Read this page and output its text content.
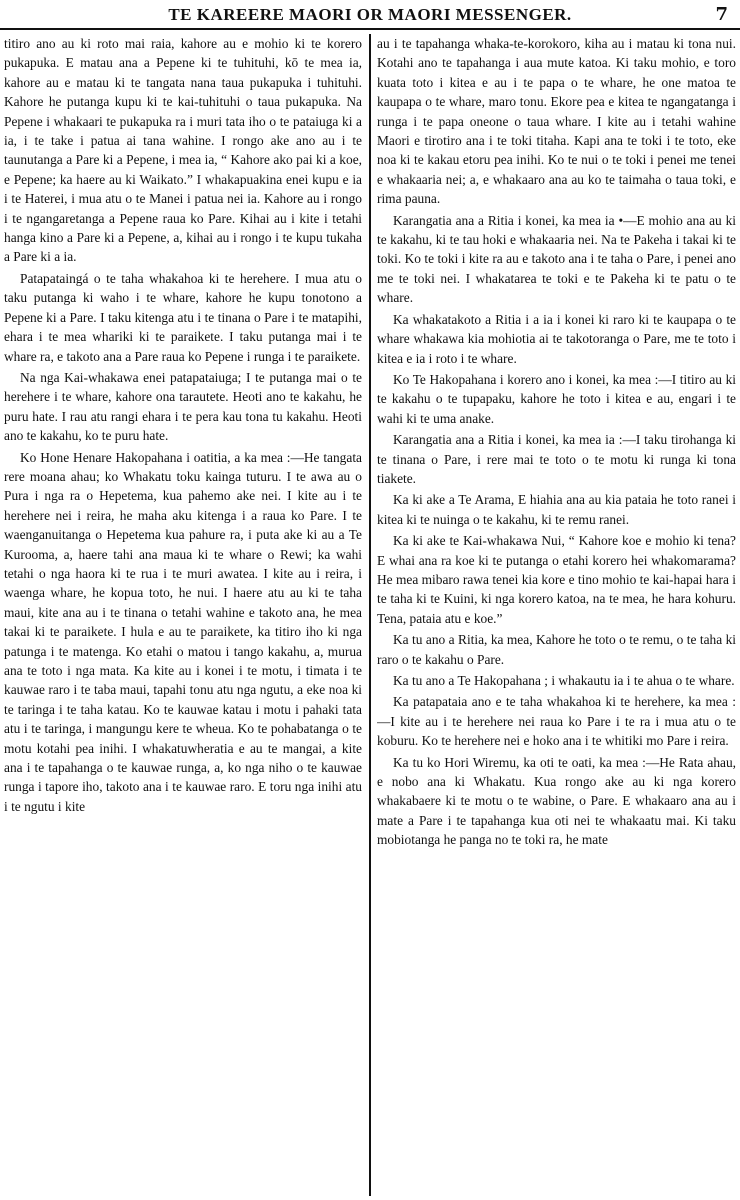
TE KAREERE MAORI OR MAORI MESSENGER.	7

titiro ano au ki roto mai raia, kahore au e mohio ki te korero pukapuka. E matau ana a Pepene ki te tuhituhi, kō te mea ia, kahore au e matau ki te tangata nana taua pukapuka i tuhituhi. Kahore he putanga kupu ki te kai-tuhituhi o taua pukapuka. Na Pepene i whakaari te pukapuka ra i muri tata iho o te pataiuga ki a ia, i te take i patua ai tana wahine. I rongo ake ano au i te taunutanga a Pare ki a Pepene, i mea ia, “ Kahore ako pai ki a koe, e Pepene; ka haere au ki Waikato.” I whakapuakina enei kupu e ia i te Haterei, i mua atu o te Manei i patua nei ia. Kahore au i rongo i te ngangaretanga a Pepene raua ko Pare. Kihai au i kite i tetahi hanga kino a Pare ki a Pepene, a, kihai au i rongo i te kupu tukaha a Pare ki a ia.

Patapataingá o te taha whakahoa ki te herehere. I mua atu o taku putanga ki waho i te whare, kahore he kupu tonotono a Pepene ki a Pare. I taku kitenga atu i te tinana o Pare i te matapihi, ehara i te mea whariki ki te paraikete. I taku putanga mai i te whare ra, e takoto ana a Pare raua ko Pepene i runga i te paraikete.

Na nga Kai-whakawa enei patapataiuga; I te putanga mai o te herehere i te whare, kahore ona tarautete. Heoti ano te kakahu, he puru hate. I rau atu rangi ehara i te pera kau tona tu kakahu. Heoti ano te kakahu, ko te puru hate.

Ko Hone Henare Hakopahana i oatitia, a ka mea :—He tangata rere moana ahau; ko Whakatu toku kainga tuturu. I te awa au o Pura i nga ra o Hepetema, kua pahemo ake nei. I kite au i te herehere nei i reira, he maha aku kitenga i a raua ko Pare. I te waenganuitanga o Hepetema kua pahure ra, i puta ake ki au a Te Kurooma, a, haere tahi ana maua ki te whare o Rewi; ka wahi tetahi o nga haora ki te rua i te muri awatea. I kite au i reira, i waenga whare, he kopua toto, he nui. I haere atu au ki te taha maui, kite ana au i te tinana o tetahi wahine e takoto ana, he mea takai ki te paraikete. I hula e au te paraikete, ka titiro iho ki nga patunga i te matenga. Ko etahi o matou i tango kakahu, a, murua ana te toto i nga mata. Ka kite au i konei i te motu, i timata i te kauwae raro i te taba maui, tapahi tonu atu nga ngutu, a eke noa ki te taringa i te taha katau. Ko te kauwae katau i motu i pahaki tata atu i te taringa, i mangungu kere te wheua. Ko te pohabatanga o te motu kotahi pea inihi. I whakatuwheratia e au te mangai, a kite ana i te tapahanga o te kauwae runga, a, ko nga niho o te kauwae runga i tapore iho, takoto ana i te kauwae raro. E toru nga inihi atu i te ngutu i kite

au i te tapahanga whaka-te-korokoro, kiha au i matau ki tona nui. Kotahi ano te tapahanga i aua mute katoa. Ki taku mohio, e toro kuata toto i kitea e au i te papa o te whare, he one matoa te kaupapa o te whare, maro tonu. Ekore pea e kitea te ngangatanga i runga i te papa oneone o taua whare. I kite au i tetahi wahine Maori e tirotiro ana i te toki titaha. Kapi ana te toki i te toto, eke noa ki te kakau etoru pea inihi. Ko te nui o te toki i penei me tenei e whakaaria nei; a, e whakaaro ana au ko te taimaha o taua toki, e rima pauna.

Karangatia ana a Ritia i konei, ka mea ia •—E mohio ana au ki te kakahu, ki te tau hoki e whakaaria nei. Na te Pakeha i takai ki te toki. Ko te toki i kite ra au e takoto ana i te taha o Pare, i penei ano me te toki nei. I whakatarea te toki e te Pakeha ki te patu o te whare.

Ka whakatakoto a Ritia i a ia i konei ki raro ki te kaupapa o te whare whakawa kia mohiotia ai te takotoranga o Pare, me te toto i kitea e ia i roto i te whare.

Ko Te Hakopahana i korero ano i konei, ka mea :—I titiro au ki te kakahu o te tupapaku, kahore he toto i kitea e au, engari i te wahi ki te uma anake.

Karangatia ana a Ritia i konei, ka mea ia :—I taku tirohanga ki te tinana o Pare, i rere mai te toto o te motu ki runga ki tona tiakete.

Ka ki ake a Te Arama, E hiahia ana au kia pataia he toto ranei i kitea ki te nuinga o te kakahu, ki te remu ranei.

Ka ki ake te Kai-whakawa Nui, “ Kahore koe e mohio ki tena? E whai ana ra koe ki te putanga o etahi korero hei whakomarama? He mea mibaro rawa tenei kia kore e tino mohio te kai-hapai hara i te taha ki te Kuini, ki nga korero katoa, na te mea, he hara kohuru. Tena, pataia atu e koe.”

Ka tu ano a Ritia, ka mea, Kahore he toto o te remu, o te taha ki raro o te kakahu o Pare.

Ka tu ano a Te Hakopahana ; i whakautu ia i te ahua o te whare.

Ka patapataia ano e te taha whakahoa ki te herehere, ka mea :—I kite au i te herehere nei raua ko Pare i te ra i mua atu o te koburu. Ko te herehere nei e hoko ana i te whitiki mo Pare i reira.

Ka tu ko Hori Wiremu, ka oti te oati, ka mea :—He Rata ahau, e nobo ana ki Whakatu. Kua rongo ake au ki nga korero whakabaere ki te motu o te wabine, o Pare. E whakaaro ana au i mate a Pare i te tapahanga kua oti nei te whakaatu mai. Ki taku mobiotanga he panga no te toki ra, he mate
